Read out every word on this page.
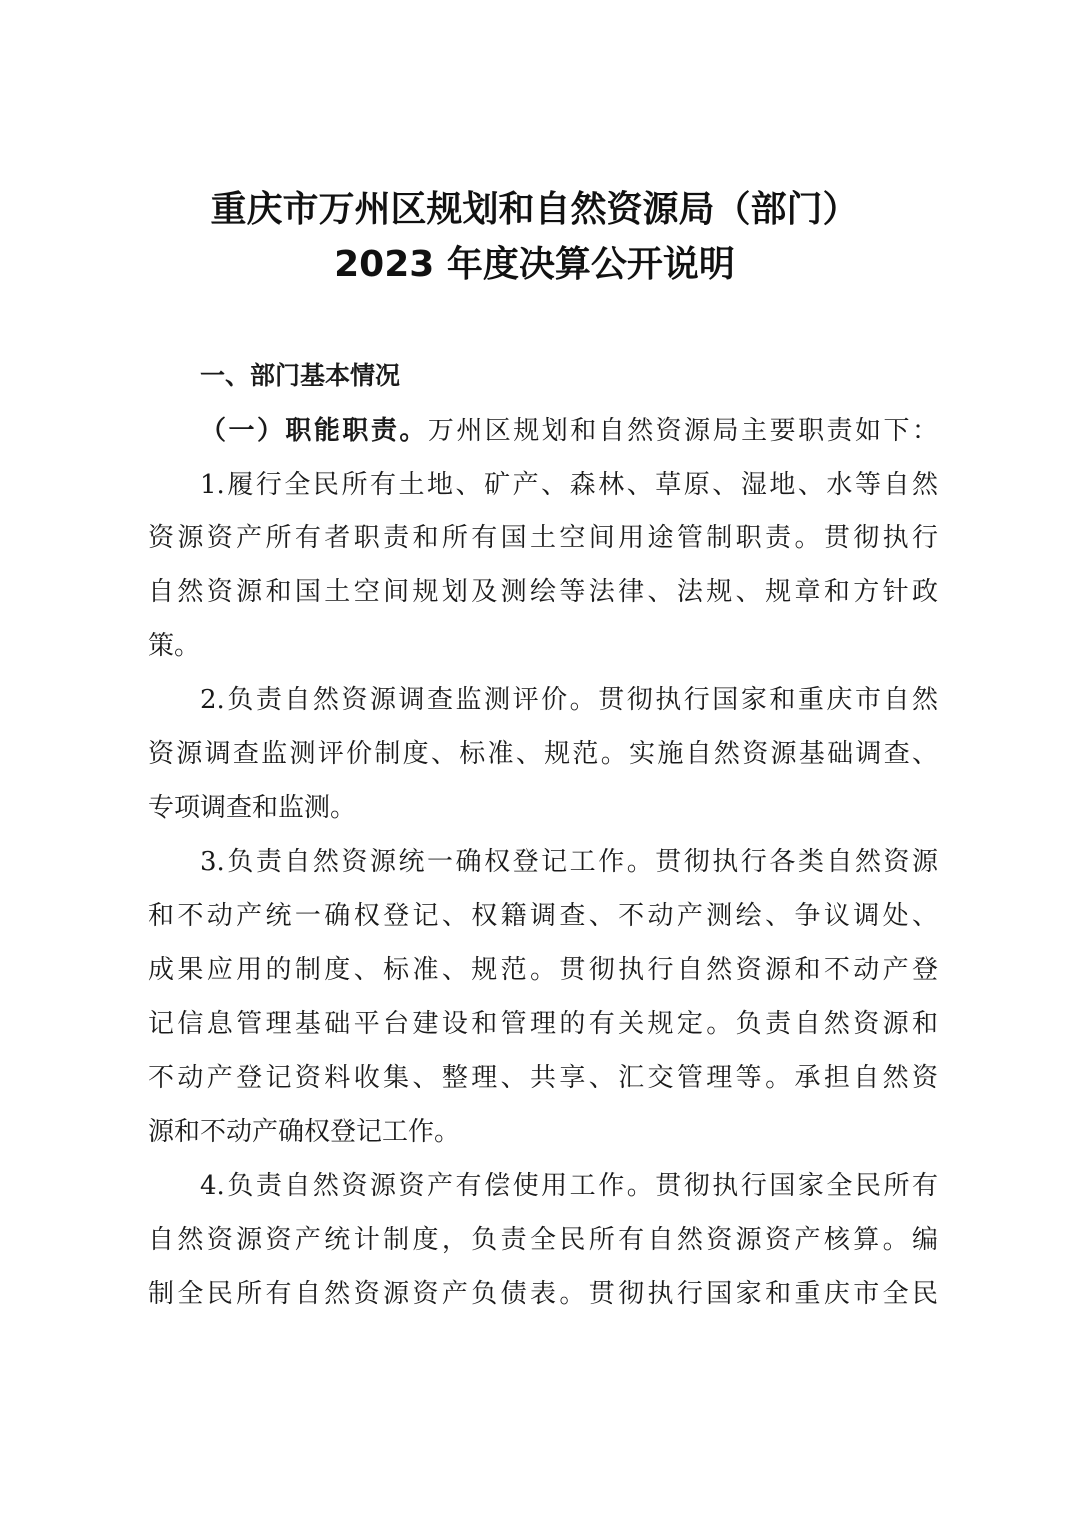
重庆市万州区规划和自然资源局（部门）
2023 年度决算公开说明
一、部门基本情况
（一）职能职责。万州区规划和自然资源局主要职责如下：
1.履行全民所有土地、矿产、森林、草原、湿地、水等自然
资源资产所有者职责和所有国土空间用途管制职责。贯彻执行
自然资源和国土空间规划及测绘等法律、法规、规章和方针政
策。
2.负责自然资源调查监测评价。贯彻执行国家和重庆市自然
资源调查监测评价制度、标准、规范。实施自然资源基础调查、
专项调查和监测。
3.负责自然资源统一确权登记工作。贯彻执行各类自然资源
和不动产统一确权登记、权籍调查、不动产测绘、争议调处、
成果应用的制度、标准、规范。贯彻执行自然资源和不动产登
记信息管理基础平台建设和管理的有关规定。负责自然资源和
不动产登记资料收集、整理、共享、汇交管理等。承担自然资
源和不动产确权登记工作。
4.负责自然资源资产有偿使用工作。贯彻执行国家全民所有
自然资源资产统计制度，负责全民所有自然资源资产核算。编
制全民所有自然资源资产负债表。贯彻执行国家和重庆市全民
